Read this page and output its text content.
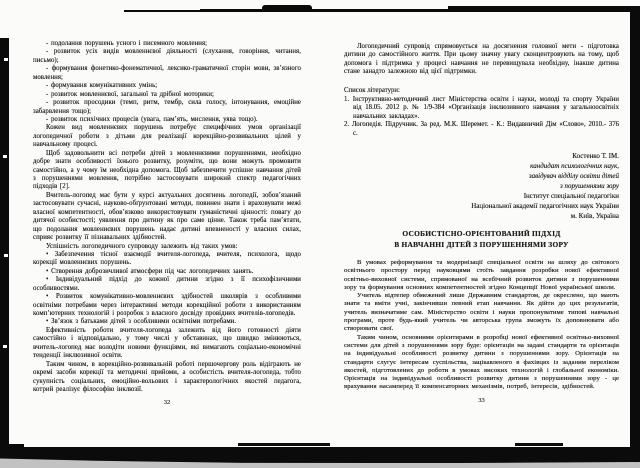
- подолання порушень усного і писемного мовлення;

- розвиток усіх видів мовленнєвої діяльності (слухання, говоріння, читання, письмо);

- формування фонетико-фонематичної, лексико-граматичної сторін мови, зв’язного мовлення;

- формування комунікативних умінь;

- розвиток мовленнєвої, загальної та дрібної моторики;

- розвиток просодики (темп, ритм, тембр, сила голосу, інтонування, емоційне забарвлення тощо);

- розвиток психічних процесів (увага, пам’ять, мислення, уява тощо).

Кожен вид мовленнєвих порушень потребує специфічних умов організації логопедичної роботи з дітьми для реалізації корекційно-розвивальних цілей у навчальному процесі.

Щоб задовольнити всі потреби дітей з мовленнєвими порушеннями, необхідно добре знати особливості їхнього розвитку, розуміти, що вони можуть промовити самостійно, а у чому їм необхідна допомога. Щоб забезпечити успішне навчання дітей з порушеннями мовлення, потрібно застосовувати широкий спектр педагогічних підходів [2].

Вчитель-логопед має бути у курсі актуальних досягнень логопедії, зобов’язаний застосовувати сучасні, науково-обґрунтовані методи, повинен знати і враховувати межі власної компетентності, обов’язково використовувати гуманістичні цінності: повагу до дитячої особистості; уявлення про дитину як про саме цінне. Також треба пам’ятати, що подолання мовленнєвих порушень надає дитині впевненості у власних силах, сприяє розвитку її пізнавальних здібностей.

Успішність логопедичного супроводу залежить від таких умов:

• Забезпечення тісної взаємодії вчителя-логопеда, вчителя, психолога, щодо корекції мовленнєвих порушень.

• Створення доброзичливої атмосфери під час логопедичних занять.

• Індивідуальний підхід до кожної дитини згідно з її психофізичними особливостями.

• Розвиток комунікативно-мовленнєвих здібностей школярів з особливими освітніми потребами через інтерактивні методи корекційної роботи з використанням комп’ютерних технологій і розробок з власного досвіду провідних вчителів-логопедів.

• Зв’язок з батьками дітей з особливими освітніми потребами.

Ефективність роботи вчителя-логопеда залежить від його готовності діяти самостійно і відповідально, у тому числі у обставинах, що швидко змінюються, вчитель-логопед має володіти новими функціями, які вимагають соціально-економічні тенденції інклюзивної освіти.

Таким чином, в корекційно-розвивальній роботі першочергову роль відіграють не окремі засоби корекції та методичні прийоми, а особистість вчителя-логопеда, тобто сукупність соціальних, емоційно-вольових і характерологічних якостей педагога, котрий реалізує філософію інклюзії.

32

Логопедичний супровід спрямовується на досягнення головної мети - підготовка дитини до самостійного життя. При цьому значну увагу сконцентровують на тому, щоб допомога і підтримка у процесі навчання не перевищувала необхідну, інакше дитина стане занадто залежною від цієї підтримки.

Список літератури:

1. Інструктивно-методичний лист Міністерства освіти і науки, молоді та спорту України від 18.05. 2012 р. № 1/9-384 «Організація інклюзивного навчання у загальноосвітніх навчальних закладах».

2. Логопедія. Підручник. За ред. М.К. Шеремет. - К.: Видавничий Дім «Слово», 2010.- 376 с.

Костенко Т. ІМ.

кандидат психологічних наук,

завідувач відділу освіти дітей

з порушеннями зору

Інститут спеціальної педагогіки

Національної академії педагогічних наук України

м. Київ, Україна

ОСОБИСТІСНО-ОРІЄНТОВАНИЙ ПІДХІД
В НАВЧАННІ ДІТЕЙ З ПОРУШЕННЯМИ ЗОРУ

В умовах реформування та модернізації спеціальної освіти на шляху до світового освітнього простору перед науковцями стоїть завдання розробки нової ефективної освітньо-виховної системи, спрямованої на всебічний розвиток дитини з порушеннями зору та формування основних компетентностей згідно Концепції Нової української школи.

Учитель відтепер обмежений лише Державним стандартом, де окреслено, що мають знати та вміти учні, закінчивши певний етап навчання. Як дійти до цих результатів, учитель визначатиме сам. Міністерство освіти і науки пропонуватиме типові навчальні програми, проте будь-який учитель чи авторська група зможуть їх доповнювати або створювати свої.

Таким чином, основними орієнтирами в розробці нової ефективної освітньо-виховної системи для дітей з порушеннями зору буде: орієнтація на задані стандарти та орієнтація на індивідуальні особливості розвитку дитини з порушеннями зору. Орієнтація на стандарти слугує інтересам суспільства, зацікавленого в фахівцях із заданим переліком якостей, підготовлених до роботи в умовах високих технологій і глобальної економіки. Орієнтація на індивідуальні особливості розвитку дитини з порушеннями зору - це врахування насамперед її компенсаторних механізмів, потреб, інтересів, здібностей.

33
